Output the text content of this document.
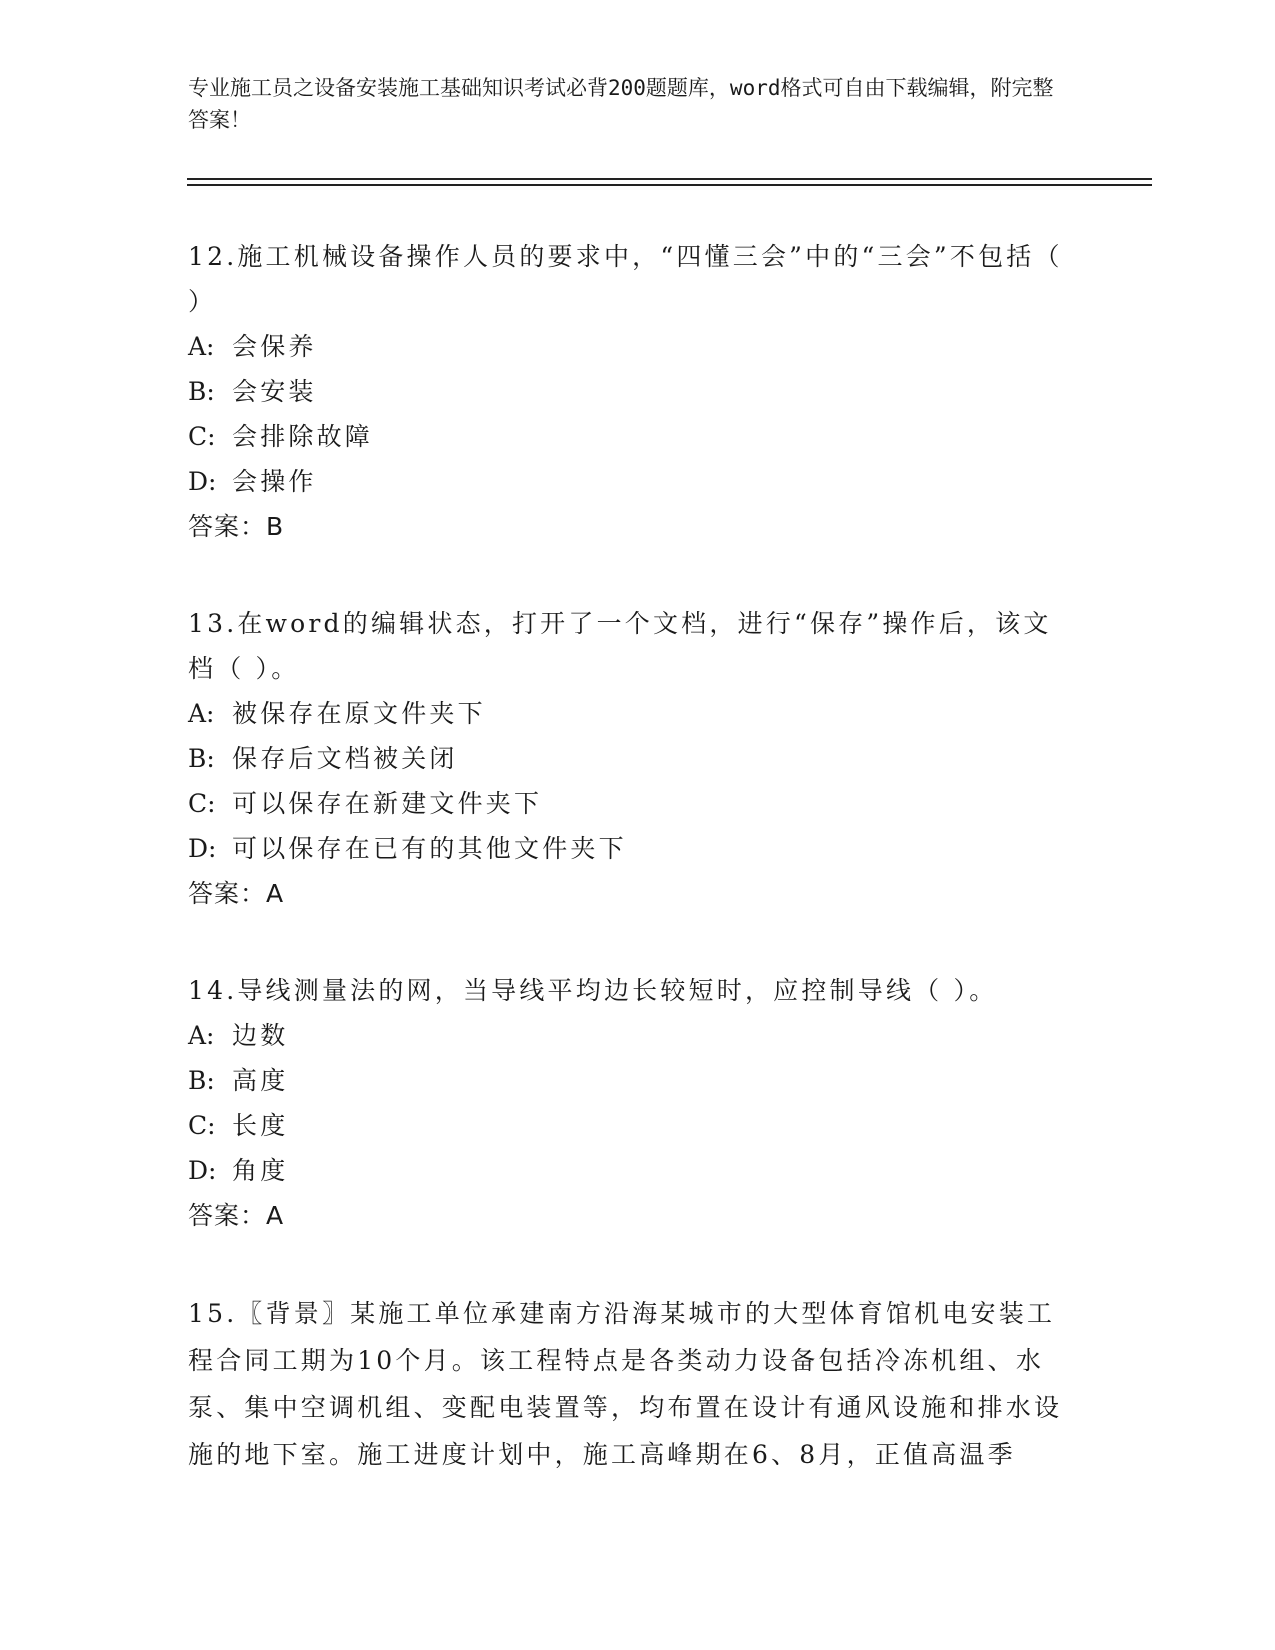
专业施工员之设备安装施工基础知识考试必背200题题库，word格式可自由下载编辑，附完整答案！

12.施工机械设备操作人员的要求中，“四懂三会”中的“三会”不包括（ ）

A: 会保养

B: 会安装

C: 会排除故障

D: 会操作

答案：B

13.在word的编辑状态，打开了一个文档，进行“保存”操作后，该文档（ ）。

A: 被保存在原文件夹下

B: 保存后文档被关闭

C: 可以保存在新建文件夹下

D: 可以保存在已有的其他文件夹下

答案：A

14.导线测量法的网，当导线平均边长较短时，应控制导线（ ）。

A: 边数

B: 高度

C: 长度

D: 角度

答案：A

15.〖背景〗某施工单位承建南方沿海某城市的大型体育馆机电安装工程合同工期为10个月。该工程特点是各类动力设备包括冷冻机组、水泵、集中空调机组、变配电装置等，均布置在设计有通风设施和排水设施的地下室。施工进度计划中，施工高峰期在6、8月，正值高温季
